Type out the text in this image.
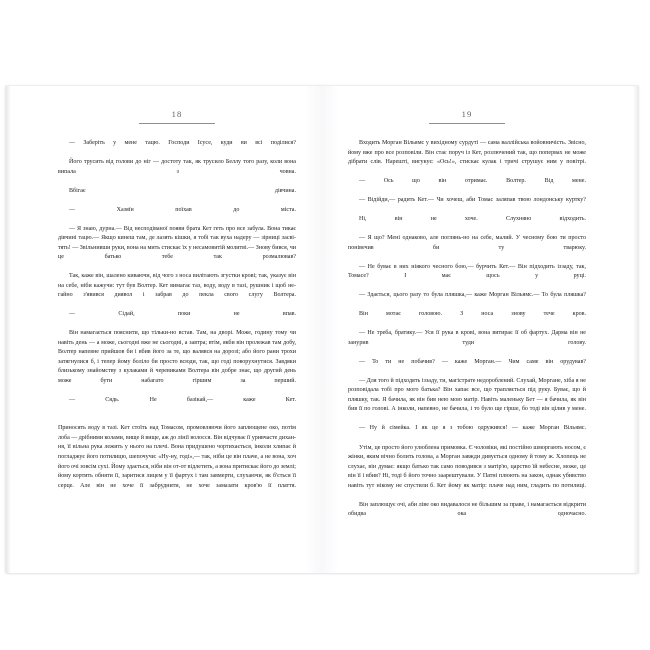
18

— Заберіть у мене тацю. Господи Ісусе, куди ви всі поділися?

Його трусить від голови до ніг — достоту так, як трусило Беллу того разу, коли вона випала з човна.

Вбігає дівчина.

— Хазяїн поїхав до міста.

— Я знаю, дурна.— Від несподіваної появи брата Кет геть про все забула. Вона тикає дівчині тацю.— Якщо кинеш там, де лазять кішки, я тобі так вуха надеру — зірниці засвітять! — Звільнивши руки, вона на мить стискає їх у несамовитій молитві.— Знову бився, чи це батько тебе так розмалював?

Так, каже він, шалено киваючи, від чого з носа вилітають згустки крові; так, указує він на себе, ніби кажучи: тут був Волтер. Кет вимагає таз, воду, воду в тазі, рушник і щоб негайно з'явився диявол і забрав до пекла свого слугу Волтера.

— Сідай, поки не впав.

Він намагається пояснити, що тільки-но встав. Там, на дворі. Може, годину тому чи навіть день — а може, сьогодні вже не сьогодні, а завтра; втім, якби він пролежав там добу, Волтер напевне прийшов би і вбив його за те, що валявся на дорозі; або його рани трохи затягнулися б, і тепер йому боліло би просто всюди, так, що годі поворухнутися. Завдяки близькому знайомству з кулаками й черевиками Волтера він добре знає, що другий день може бути набагато гіршим за перший.

— Сядь. Не базікай,— каже Кет.

Приносять воду в тазі. Кет стоїть над Томасом, промовляючи його заплющене око, потім лоба — дрібними колами, вище й вище, аж до лінії волосся. Він відчуває її уривчасте дихання, її вільна рука лежить у нього на плечі. Вона придушено чортихається, інколи хлипає й погладжує його потилицю, шепочучи: «Ну-ну, годі»,— так, ніби це він плаче, а не вона, хоч його очі зовсім сухі. Йому здається, ніби він от-от відлетить, а вона притискає його до землі; йому кортить обняти її, заритися лицем у її фартух і там завмерти, слухаючи, як б'ється її серце. Але він не хоче її забруднити, не хоче замазати кров'ю її плаття.

19

Входить Морган Вільямс у вихідному сурдуті — сама валлійська войовничість. Звісно, йому вже про все розповіли. Він стає поруч із Кет, розлючений так, що попервах не може дібрати слів. Нарешті, вигукує: «Ось!», стискає кулак і тричі струшує ним у повітрі.

— Ось що він отримає. Волтер. Від мене.

— Відійди,— радить Кет.— Чи хочеш, аби Томас заляпав твою лондонську куртку?

Ні, він не хоче. Слухняно відходить.

— Я що? Мені однаково, але поглянь-но на себе, малий. У чесному бою ти просто понівечив би ту тварюку.

— Не буває в них ніякого чесного бою,— бурчить Кет.— Він підходить іззаду, так, Томасе? І має щось у руці.

— Здається, цього разу то була пляшка,— каже Морган Вільямс.— То була пляшка?

Він мотає головою. З носа знову тече кров.

— Не треба, братику.— Уся її рука в крові, вона витирає її об фартух. Дарма він не занурив туди голову.

— То ти не побачив? — каже Морган.— Чим саме він орудував?

— Для того й підходять іззаду, ти, магістрате недороблений. Слухай, Моргане, хіба я не розповідала тобі про мого батька? Він хапає все, що трапляється під руку. Буває, що й пляшку, так. Я бачила, як він бив нею мою матір. Навіть маленьку Бет — я бачила, як він бив її по голові. А інколи, напевно, не бачила, і то було ще гірше, бо тоді він цілив у мене.

— Ну й сімейка. І як це я з тобою одружився! — каже Морган Вільямс.

Утім, це просто його улюблена примовка. Є чоловіки, які постійно шморгають носом, є жінки, яким вічно болить голова, а Морган завжди дивується одному й тому ж. Хлопець не слухає, він думає: якщо батько так само поводився з матір'ю, царство їй небесне, може, це він її і вбив? Ні, тоді б його точно заарештували. У Патні плюють на закон, однак убивство навіть тут нікому не спустили б. Кет йому як матір: плаче над ним, гладить по потилиці.

Він заплющує очі, аби ліве око видавалося не більшим за праве, і намагається відкрити обидва ока одночасно.
